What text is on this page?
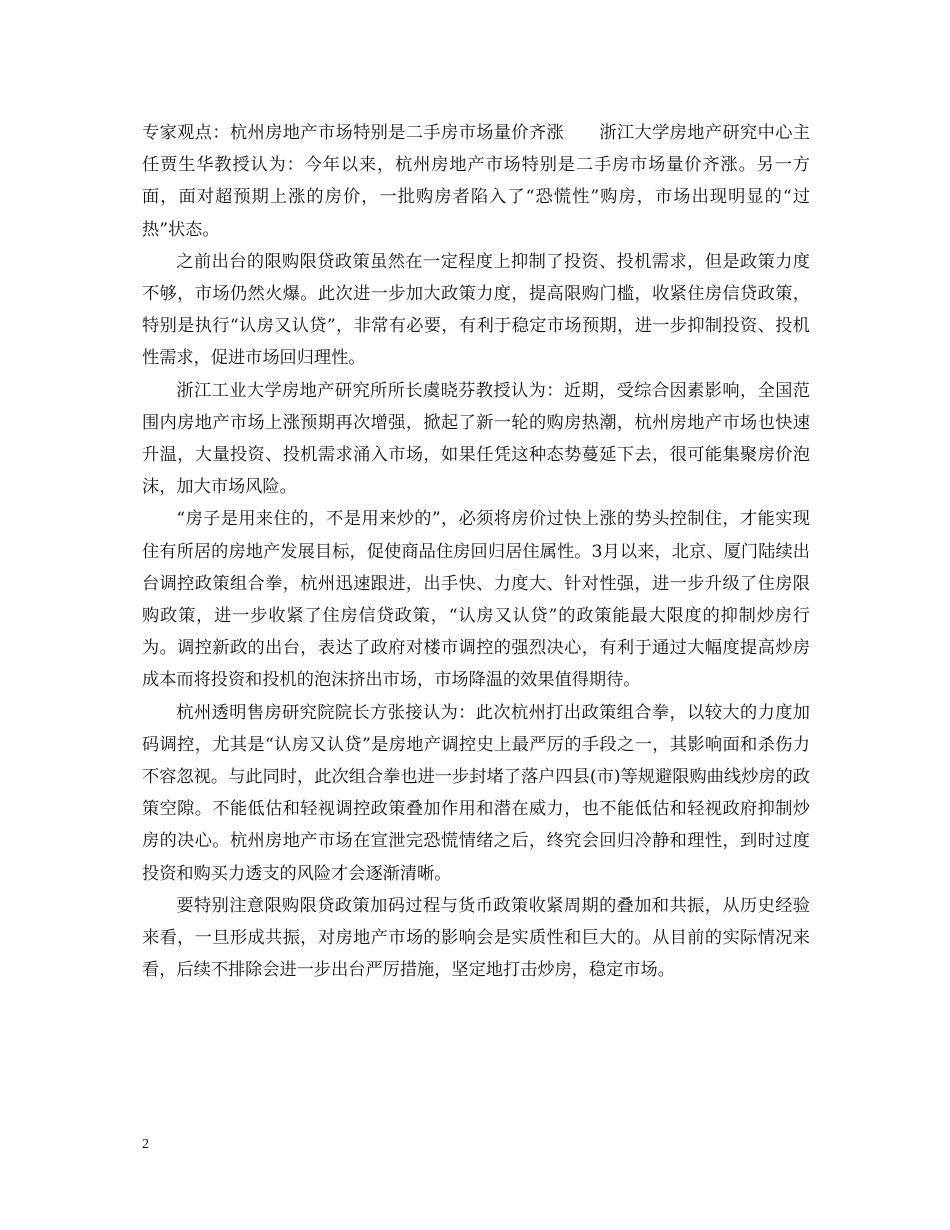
专家观点：杭州房地产市场特别是二手房市场量价齐涨　　浙江大学房地产研究中心主任贾生华教授认为：今年以来，杭州房地产市场特别是二手房市场量价齐涨。另一方面，面对超预期上涨的房价，一批购房者陷入了“恐慌性”购房，市场出现明显的“过热”状态。

之前出台的限购限贷政策虽然在一定程度上抑制了投资、投机需求，但是政策力度不够，市场仍然火爆。此次进一步加大政策力度，提高限购门槛，收紧住房信贷政策，特别是执行“认房又认贷”，非常有必要，有利于稳定市场预期，进一步抑制投资、投机性需求，促进市场回归理性。

浙江工业大学房地产研究所所长虞晓芬教授认为：近期，受综合因素影响，全国范围内房地产市场上涨预期再次增强，掀起了新一轮的购房热潮，杭州房地产市场也快速升温，大量投资、投机需求涌入市场，如果任凭这种态势蔓延下去，很可能集聚房价泡沫，加大市场风险。

“房子是用来住的，不是用来炒的”，必须将房价过快上涨的势头控制住，才能实现住有所居的房地产发展目标，促使商品住房回归居住属性。3月以来，北京、厦门陆续出台调控政策组合拳，杭州迅速跟进，出手快、力度大、针对性强，进一步升级了住房限购政策，进一步收紧了住房信贷政策，“认房又认贷”的政策能最大限度的抑制炒房行为。调控新政的出台，表达了政府对楼市调控的强烈决心，有利于通过大幅度提高炒房成本而将投资和投机的泡沫挤出市场，市场降温的效果值得期待。

杭州透明售房研究院院长方张接认为：此次杭州打出政策组合拳，以较大的力度加码调控，尤其是“认房又认贷”是房地产调控史上最严厉的手段之一，其影响面和杀伤力不容忽视。与此同时，此次组合拳也进一步封堵了落户四县(市)等规避限购曲线炒房的政策空隙。不能低估和轻视调控政策叠加作用和潜在威力，也不能低估和轻视政府抑制炒房的决心。杭州房地产市场在宣泄完恐慌情绪之后，终究会回归冷静和理性，到时过度投资和购买力透支的风险才会逐渐清晰。

要特别注意限购限贷政策加码过程与货币政策收紧周期的叠加和共振，从历史经验来看，一旦形成共振，对房地产市场的影响会是实质性和巨大的。从目前的实际情况来看，后续不排除会进一步出台严厉措施，坚定地打击炒房，稳定市场。

2
